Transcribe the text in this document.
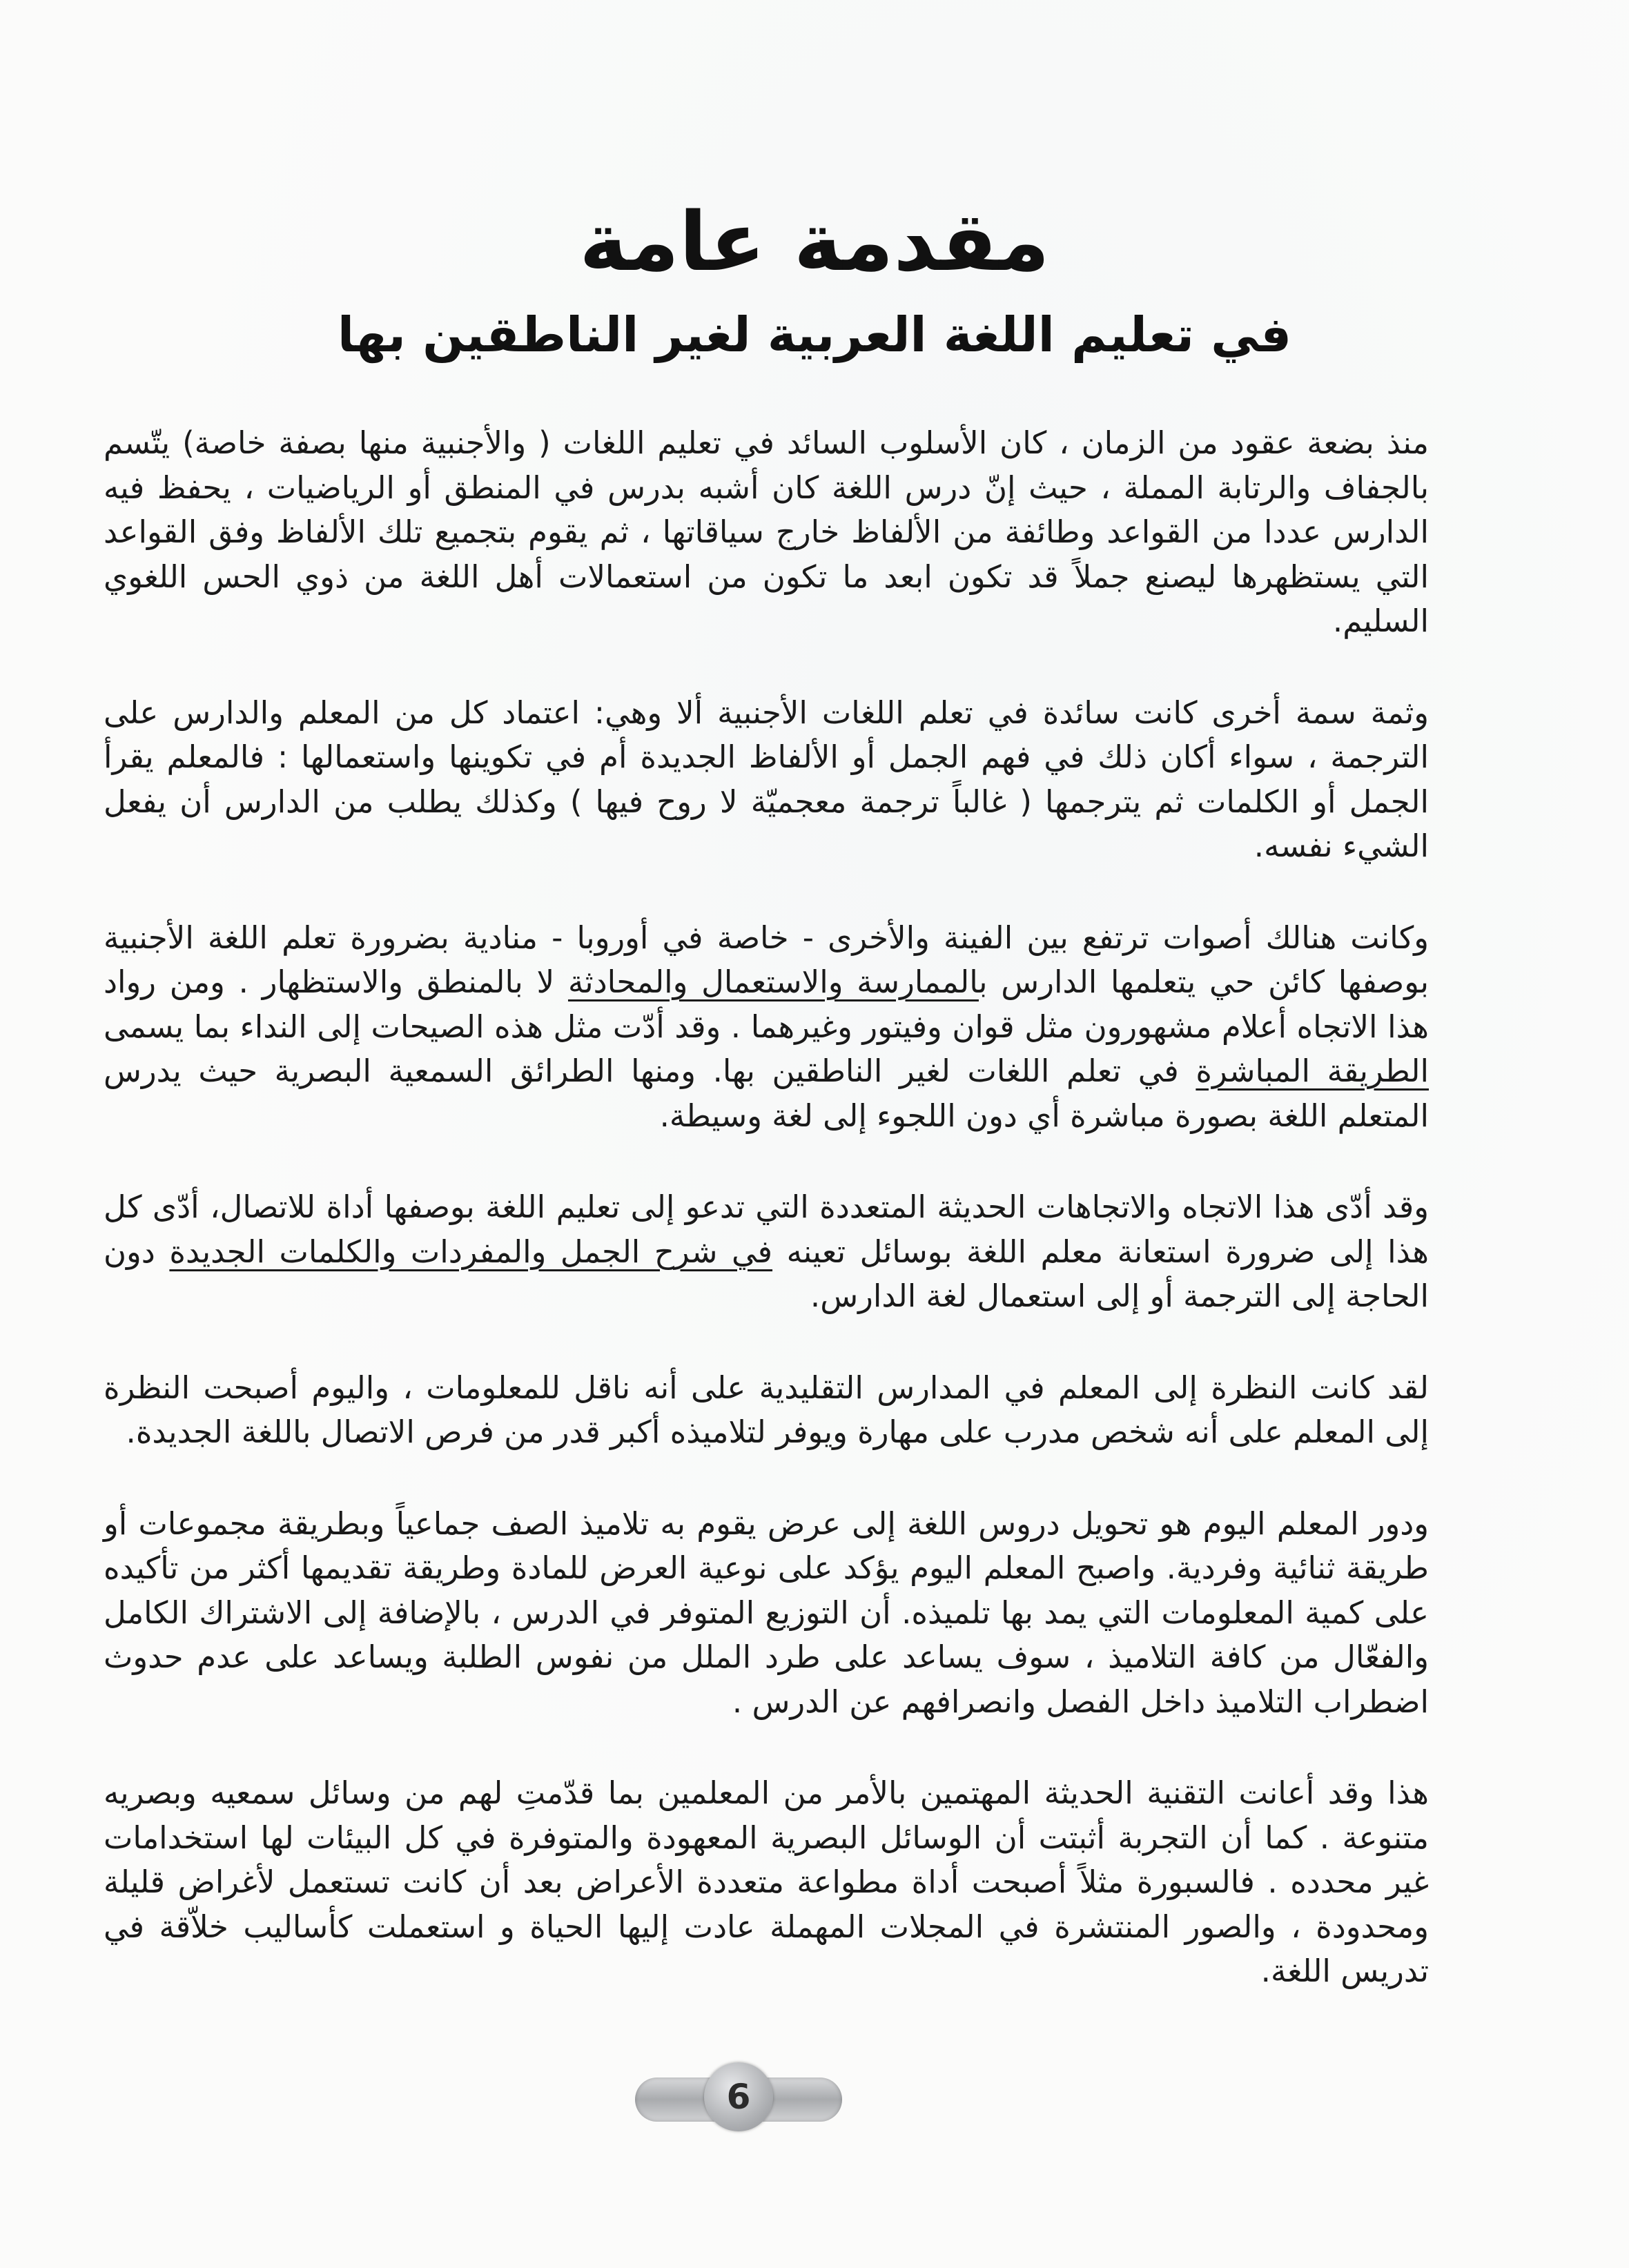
مقدمة عامة
في تعليم اللغة العربية لغير الناطقين بها

منذ بضعة عقود من الزمان ، كان الأسلوب السائد في تعليم اللغات ( والأجنبية منها بصفة خاصة) يتّسم بالجفاف والرتابة المملة ، حيث إنّ درس اللغة كان أشبه بدرس في المنطق أو الرياضيات ، يحفظ فيه الدارس عددا من القواعد وطائفة من الألفاظ خارج سياقاتها ، ثم يقوم بتجميع تلك الألفاظ وفق القواعد التي يستظهرها ليصنع جملاً قد تكون ابعد ما تكون من استعمالات أهل اللغة من ذوي الحس اللغوي السليم.

وثمة سمة أخرى كانت سائدة في تعلم اللغات الأجنبية ألا وهي: اعتماد كل من المعلم والدارس على الترجمة ، سواء أكان ذلك في فهم الجمل أو الألفاظ الجديدة أم في تكوينها واستعمالها : فالمعلم يقرأ الجمل أو الكلمات ثم يترجمها ( غالباً ترجمة معجميّة لا روح فيها ) وكذلك يطلب من الدارس أن يفعل الشيء نفسه.

وكانت هنالك أصوات ترتفع بين الفينة والأخرى - خاصة في أوروبا - منادية بضرورة تعلم اللغة الأجنبية بوصفها كائن حي يتعلمها الدارس بالممارسة والاستعمال والمحادثة لا بالمنطق والاستظهار . ومن رواد هذا الاتجاه أعلام مشهورون مثل قوان وفيتور وغيرهما . وقد أدّت مثل هذه الصيحات إلى النداء بما يسمى الطريقة المباشرة في تعلم اللغات لغير الناطقين بها. ومنها الطرائق السمعية البصرية حيث يدرس المتعلم اللغة بصورة مباشرة أي دون اللجوء إلى لغة وسيطة.

وقد أدّى هذا الاتجاه والاتجاهات الحديثة المتعددة التي تدعو إلى تعليم اللغة بوصفها أداة للاتصال، أدّى كل هذا إلى ضرورة استعانة معلم اللغة بوسائل تعينه في شرح الجمل والمفردات والكلمات الجديدة دون الحاجة إلى الترجمة أو إلى استعمال لغة الدارس.

لقد كانت النظرة إلى المعلم في المدارس التقليدية على أنه ناقل للمعلومات ، واليوم أصبحت النظرة إلى المعلم على أنه شخص مدرب على مهارة ويوفر لتلاميذه أكبر قدر من فرص الاتصال باللغة الجديدة.

ودور المعلم اليوم هو تحويل دروس اللغة إلى عرض يقوم به تلاميذ الصف جماعياً وبطريقة مجموعات أو طريقة ثنائية وفردية. واصبح المعلم اليوم يؤكد على نوعية العرض للمادة وطريقة تقديمها أكثر من تأكيده على كمية المعلومات التي يمد بها تلميذه. أن التوزيع المتوفر في الدرس ، بالإضافة إلى الاشتراك الكامل والفعّال من كافة التلاميذ ، سوف يساعد على طرد الملل من نفوس الطلبة ويساعد على عدم حدوث اضطراب التلاميذ داخل الفصل وانصرافهم عن الدرس .

هذا وقد أعانت التقنية الحديثة المهتمين بالأمر من المعلمين بما قدّمتِ لهم من وسائل سمعيه وبصريه متنوعة . كما أن التجربة أثبتت أن الوسائل البصرية المعهودة والمتوفرة في كل البيئات لها استخدامات غير محدده . فالسبورة مثلاً أصبحت أداة مطواعة متعددة الأعراض بعد أن كانت تستعمل لأغراض قليلة ومحدودة ، والصور المنتشرة في المجلات المهملة عادت إليها الحياة و استعملت كأساليب خلاّقة في تدريس اللغة.

6
